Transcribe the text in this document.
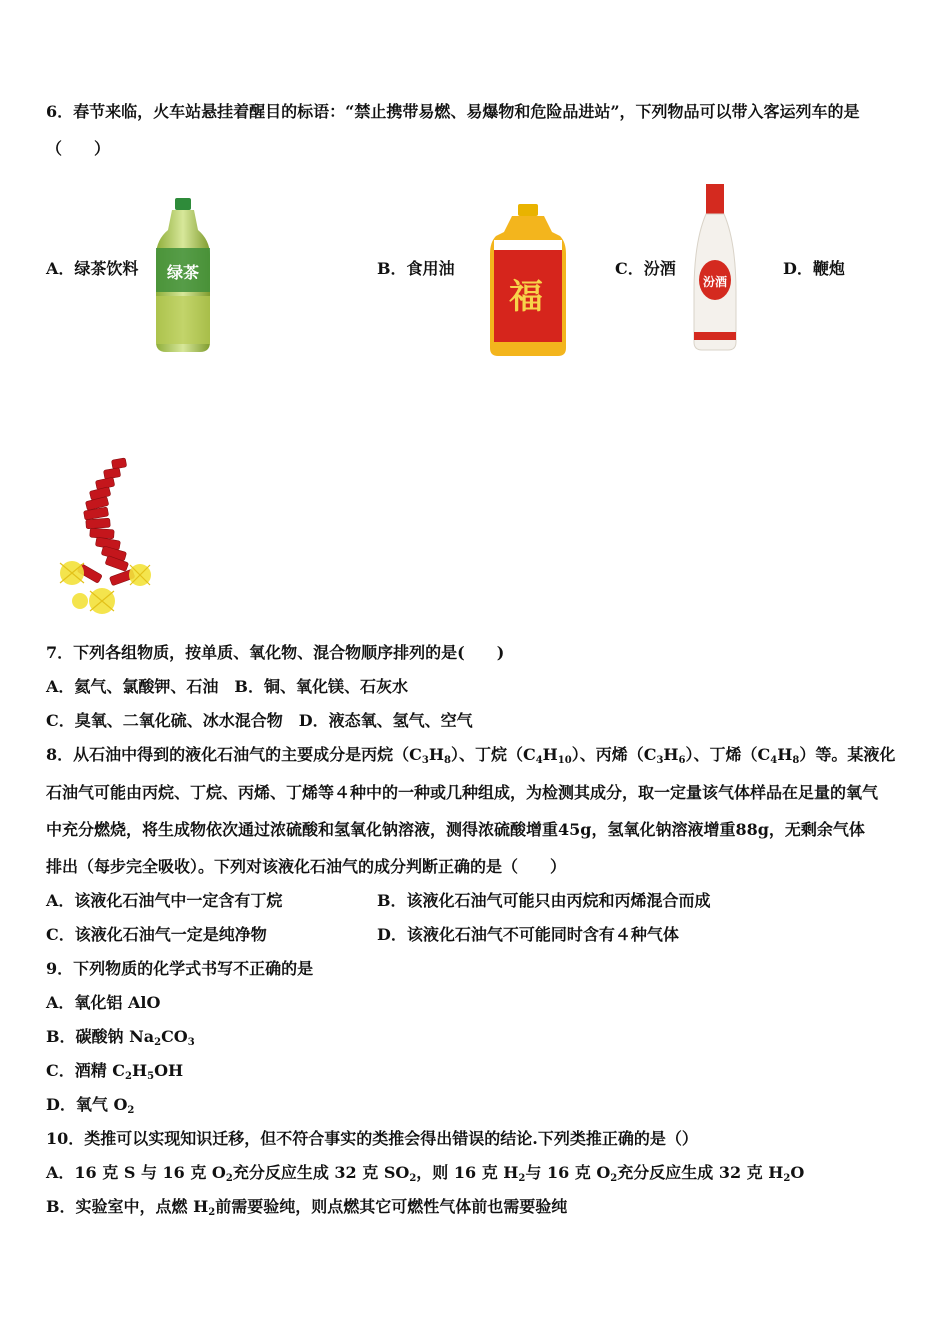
6．春节来临，火车站悬挂着醒目的标语：“禁止携带易燃、易爆物和危险品进站”，下列物品可以带入客运列车的是
（　　）
A．绿茶饮料	B．食用油	C．汾酒	D．鞭炮
绿茶
福	汾酒
7．下列各组物质，按单质、氧化物、混合物顺序排列的是(　　)
A．氦气、氯酸钾、石油　B．铜、氧化镁、石灰水
C．臭氧、二氧化硫、冰水混合物　D．液态氧、氢气、空气
8．从石油中得到的液化石油气的主要成分是丙烷$(C_3H_8)$、丁烷$(C_4H_{10})$、丙烯$(C_3H_6)$、丁烯$(C_4H_8)$等。某液化
石油气可能由丙烷、丁烷、丙烯、丁烯等４种中的一种或几种组成，为检测其成分，取一定量该气体样品在足量的氧气
中充分燃烧，将生成物依次通过浓硫酸和氢氧化钠溶液，测得浓硫酸增重45g，氢氧化钠溶液增重88g，无剩余气体
排出（每步完全吸收）。下列对该液化石油气的成分判断正确的是（　　）
A．该液化石油气中一定含有丁烷	B．该液化石油气可能只由丙烷和丙烯混合而成
C．该液化石油气一定是纯净物	D．该液化石油气不可能同时含有４种气体
9．下列物质的化学式书写不正确的是
A．氧化铝 AlO
B．碳酸钠 $Na_2CO_3$
C．酒精 $C_2H_5OH$
D．氧气 $O_2$
10．类推可以实现知识迁移，但不符合事实的类推会得出错误的结论.下列类推正确的是（）
A．16 克 S 与 16 克 $O_2$充分反应生成 32 克 $SO_2$，则 16 克 $H_2$与 16 克 $O_2$充分反应生成 32 克 $H_2O$
B．实验室中，点燃 $H_2$前需要验纯，则点燃其它可燃性气体前也需要验纯
